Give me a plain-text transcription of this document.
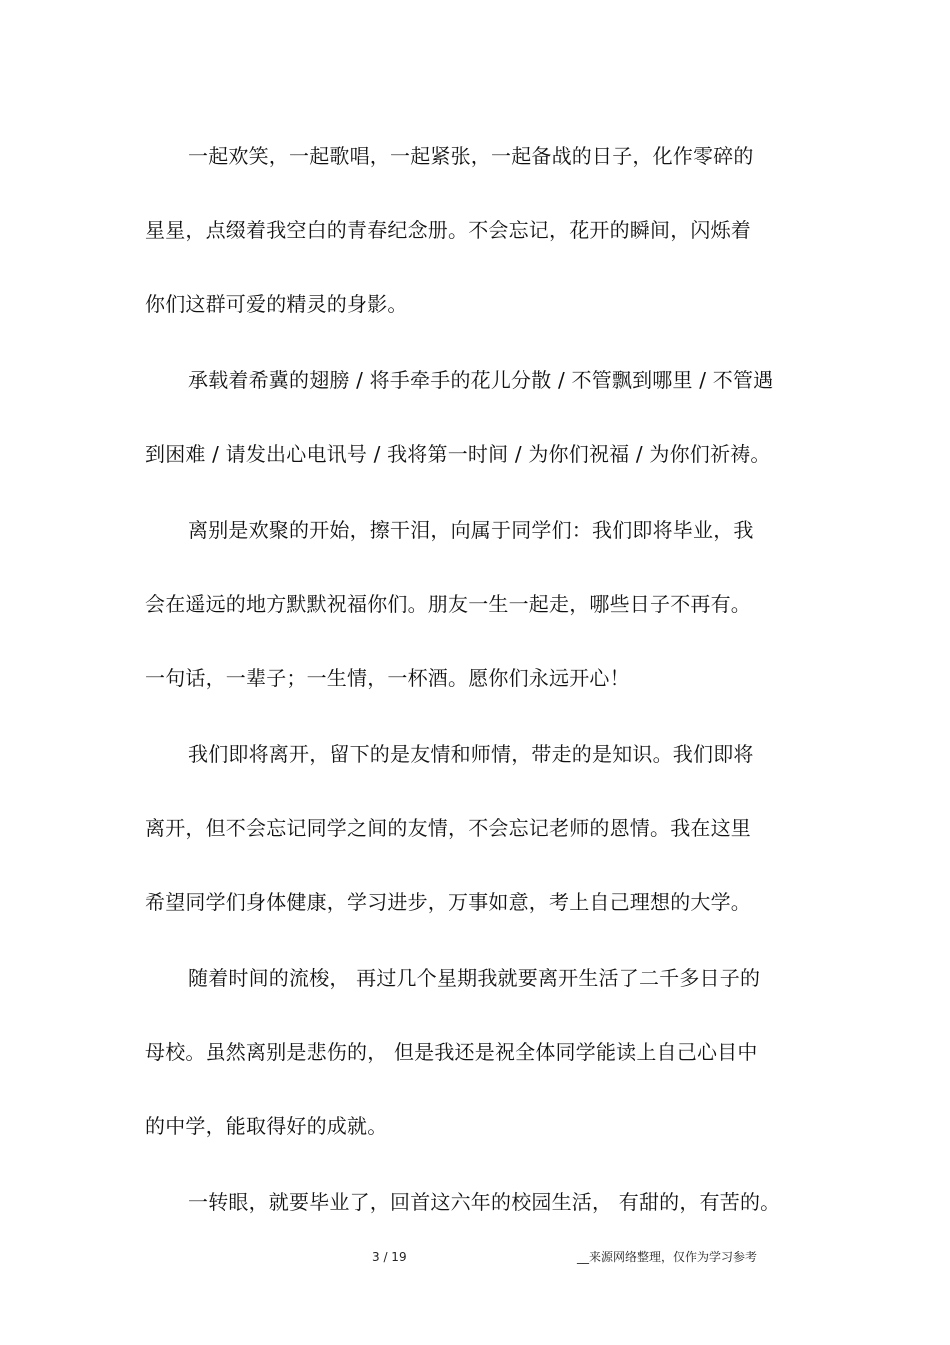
一起欢笑，一起歌唱，一起紧张，一起备战的日子，化作零碎的
星星，点缀着我空白的青春纪念册。不会忘记，花开的瞬间，闪烁着
你们这群可爱的精灵的身影。
承载着希冀的翅膀 / 将手牵手的花儿分散 / 不管飘到哪里 / 不管遇
到困难 / 请发出心电讯号 / 我将第一时间 / 为你们祝福 / 为你们祈祷。
离别是欢聚的开始，擦干泪，向属于同学们：我们即将毕业，我
会在遥远的地方默默祝福你们。朋友一生一起走，哪些日子不再有。
一句话，一辈子；一生情，一杯酒。愿你们永远开心！
我们即将离开，留下的是友情和师情，带走的是知识。我们即将
离开，但不会忘记同学之间的友情，不会忘记老师的恩情。我在这里
希望同学们身体健康，学习进步，万事如意，考上自己理想的大学。
随着时间的流梭， 再过几个星期我就要离开生活了二千多日子的
母校。虽然离别是悲伤的， 但是我还是祝全体同学能读上自己心目中
的中学，能取得好的成就。
一转眼，就要毕业了，回首这六年的校园生活， 有甜的，有苦的。
3 / 19	__来源网络整理，仅作为学习参考
